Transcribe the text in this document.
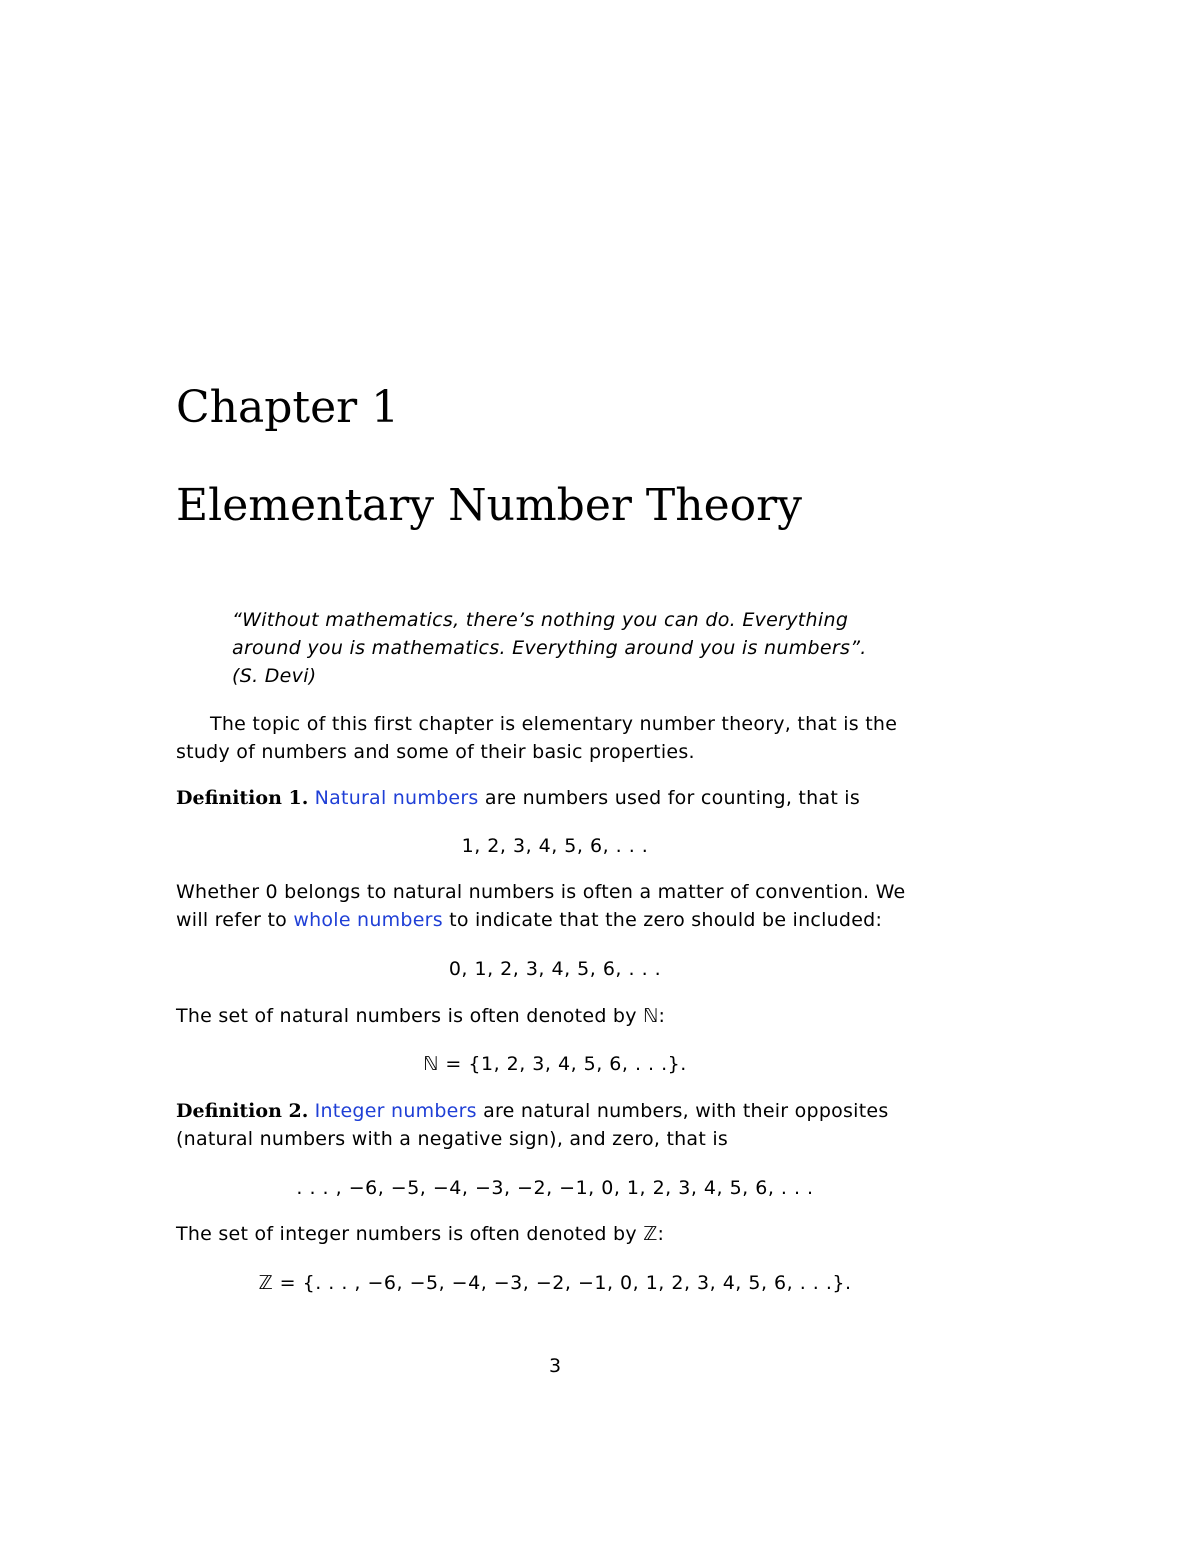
Chapter 1
Elementary Number Theory
“Without mathematics, there’s nothing you can do. Everything
around you is mathematics. Everything around you is numbers”.
(S. Devi)
The topic of this first chapter is elementary number theory, that is the
study of numbers and some of their basic properties.
Definition 1. Natural numbers are numbers used for counting, that is
1, 2, 3, 4, 5, 6, . . .
Whether 0 belongs to natural numbers is often a matter of convention. We
will refer to whole numbers to indicate that the zero should be included:
0, 1, 2, 3, 4, 5, 6, . . .
The set of natural numbers is often denoted by ℕ:
ℕ = {1, 2, 3, 4, 5, 6, . . .}.
Definition 2. Integer numbers are natural numbers, with their opposites
(natural numbers with a negative sign), and zero, that is
. . . , −6, −5, −4, −3, −2, −1, 0, 1, 2, 3, 4, 5, 6, . . .
The set of integer numbers is often denoted by ℤ:
ℤ = {. . . , −6, −5, −4, −3, −2, −1, 0, 1, 2, 3, 4, 5, 6, . . .}.
3
